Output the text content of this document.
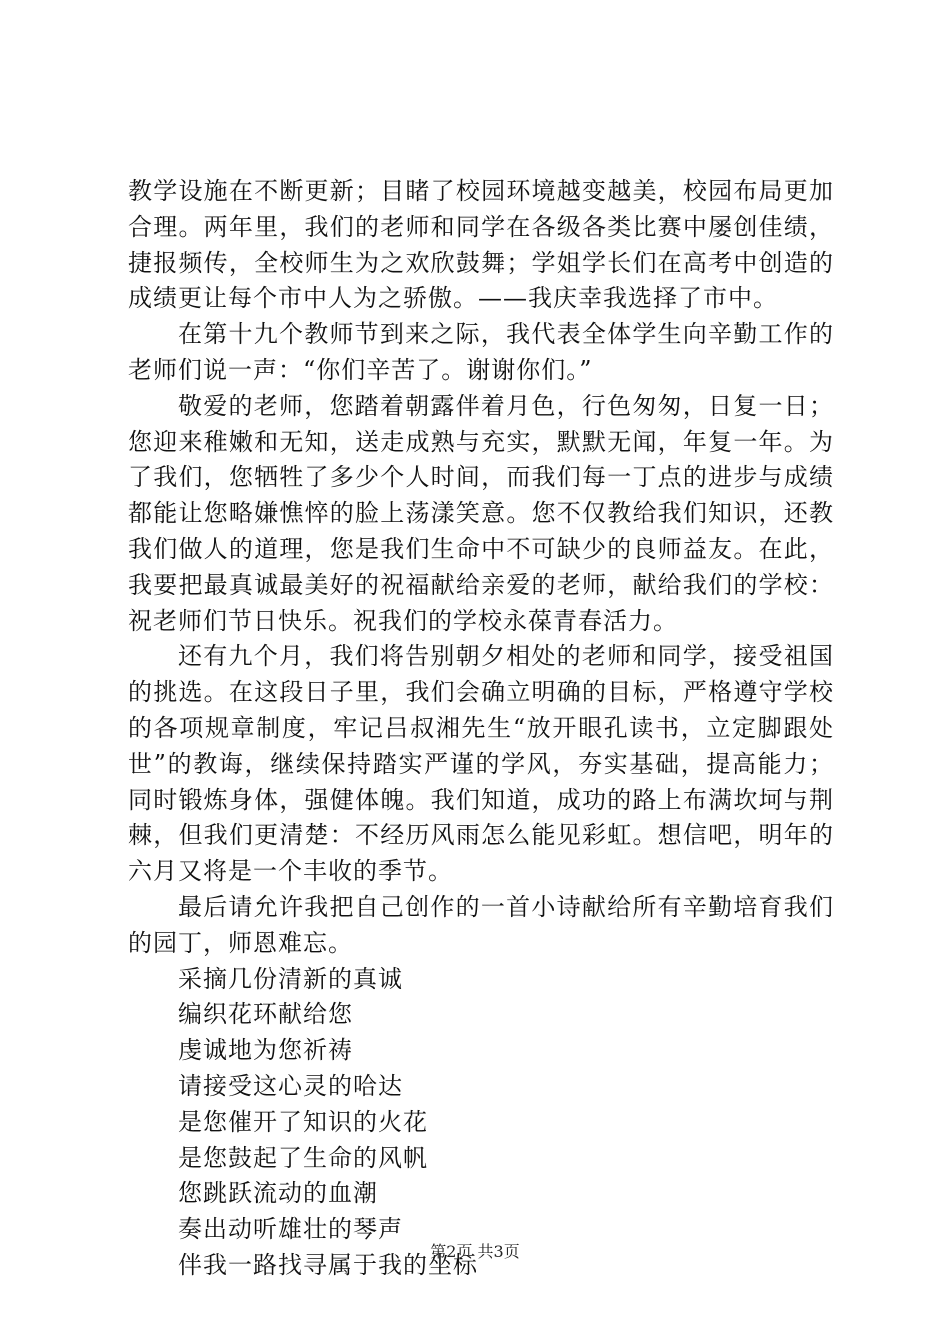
教学设施在不断更新；目睹了校园环境越变越美，校园布局更加合理。两年里，我们的老师和同学在各级各类比赛中屡创佳绩，捷报频传，全校师生为之欢欣鼓舞；学姐学长们在高考中创造的成绩更让每个市中人为之骄傲。——我庆幸我选择了市中。

在第十九个教师节到来之际，我代表全体学生向辛勤工作的老师们说一声：“你们辛苦了。谢谢你们。”

敬爱的老师，您踏着朝露伴着月色，行色匆匆，日复一日；您迎来稚嫩和无知，送走成熟与充实，默默无闻，年复一年。为了我们，您牺牲了多少个人时间，而我们每一丁点的进步与成绩都能让您略嫌憔悴的脸上荡漾笑意。您不仅教给我们知识，还教我们做人的道理，您是我们生命中不可缺少的良师益友。在此，我要把最真诚最美好的祝福献给亲爱的老师，献给我们的学校：祝老师们节日快乐。祝我们的学校永葆青春活力。

还有九个月，我们将告别朝夕相处的老师和同学，接受祖国的挑选。在这段日子里，我们会确立明确的目标，严格遵守学校的各项规章制度，牢记吕叔湘先生“放开眼孔读书，立定脚跟处世”的教诲，继续保持踏实严谨的学风，夯实基础，提高能力；同时锻炼身体，强健体魄。我们知道，成功的路上布满坎坷与荆棘，但我们更清楚：不经历风雨怎么能见彩虹。想信吧，明年的六月又将是一个丰收的季节。

最后请允许我把自己创作的一首小诗献给所有辛勤培育我们的园丁，师恩难忘。

采摘几份清新的真诚
编织花环献给您
虔诚地为您祈祷
请接受这心灵的哈达
是您催开了知识的火花
是您鼓起了生命的风帆
您跳跃流动的血潮
奏出动听雄壮的琴声
伴我一路找寻属于我的坐标
第2页 共3页
